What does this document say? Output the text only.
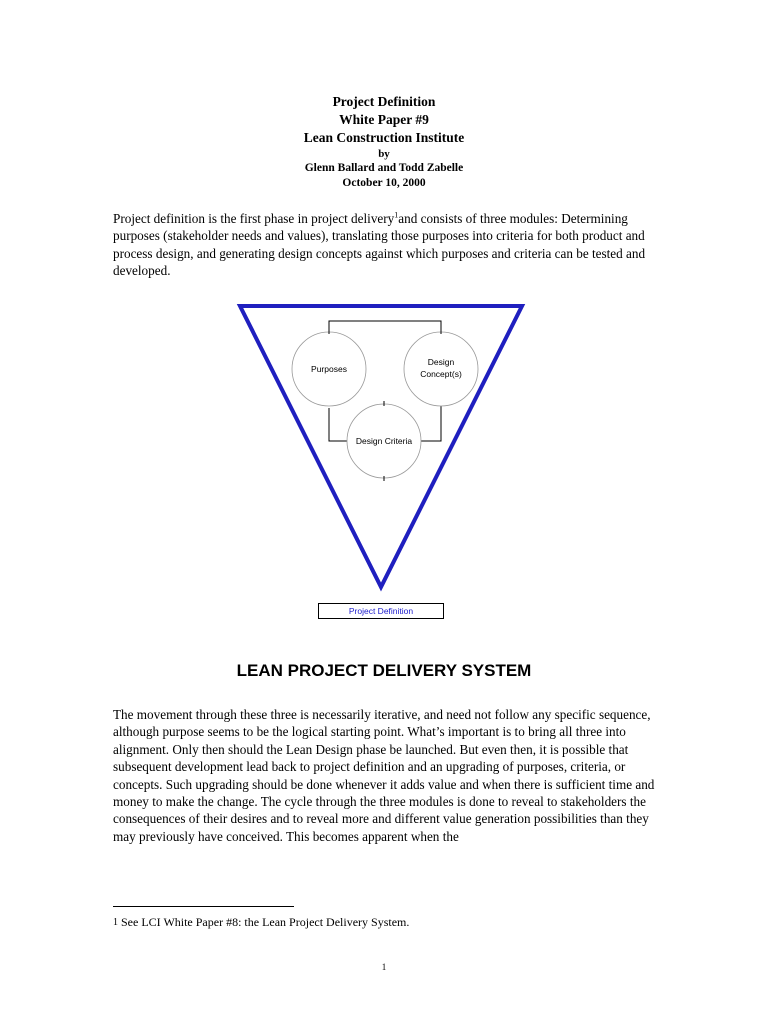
Project Definition
White Paper #9
Lean Construction Institute
by
Glenn Ballard and Todd Zabelle
October 10, 2000

Project definition is the first phase in project delivery$^1$and consists of three modules: Determining purposes (stakeholder needs and values), translating those purposes into criteria for both product and process design, and generating design concepts against which purposes and criteria can be tested and developed.

Purposes
Design
Concept(s)
Design Criteria
Project Definition
LEAN PROJECT DELIVERY SYSTEM

The movement through these three is necessarily iterative, and need not follow any specific sequence, although purpose seems to be the logical starting point. What’s important is to bring all three into alignment. Only then should the Lean Design phase be launched. But even then, it is possible that subsequent development lead back to project definition and an upgrading of purposes, criteria, or concepts. Such upgrading should be done whenever it adds value and when there is sufficient time and money to make the change. The cycle through the three modules is done to reveal to stakeholders the consequences of their desires and to reveal more and different value generation possibilities than they may previously have conceived. This becomes apparent when the

1 See LCI White Paper #8: the Lean Project Delivery System.

1
